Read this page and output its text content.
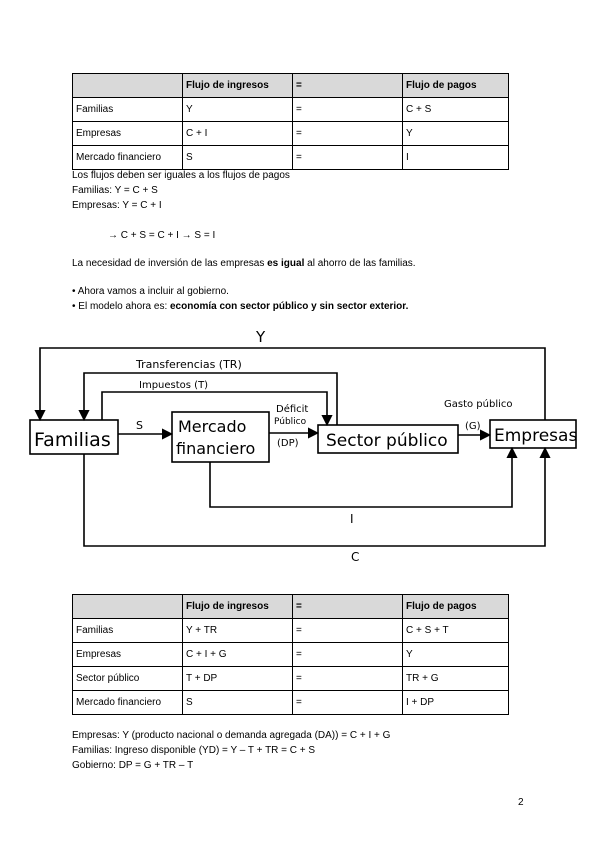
	Flujo de ingresos	=	Flujo de pagos
Familias	Y	=	C + S
Empresas	C + I	=	Y
Mercado financiero	S	=	I
Los flujos deben ser iguales a los flujos de pagos
Familias: Y = C + S
Empresas: Y = C + I
→ C + S = C + I → S = I
La necesidad de inversión de las empresas es igual al ahorro de las familias.
• Ahora vamos a incluir al gobierno.
• El modelo ahora es: economía con sector público y sin sector exterior.
Familias
Mercado
financiero	Sector público	Empresas
Y
Transferencias (TR)
Impuestos (T)
S
Déficit
Público
(DP)
Gasto público
(G)
I
C
	Flujo de ingresos	=	Flujo de pagos
Familias	Y + TR	=	C + S + T
Empresas	C + I + G	=	Y
Sector público	T + DP	=	TR + G
Mercado financiero	S	=	I + DP
Empresas: Y (producto nacional o demanda agregada (DA)) = C + I + G
Familias: Ingreso disponible (YD) = Y – T + TR = C + S
Gobierno: DP = G + TR – T
2
